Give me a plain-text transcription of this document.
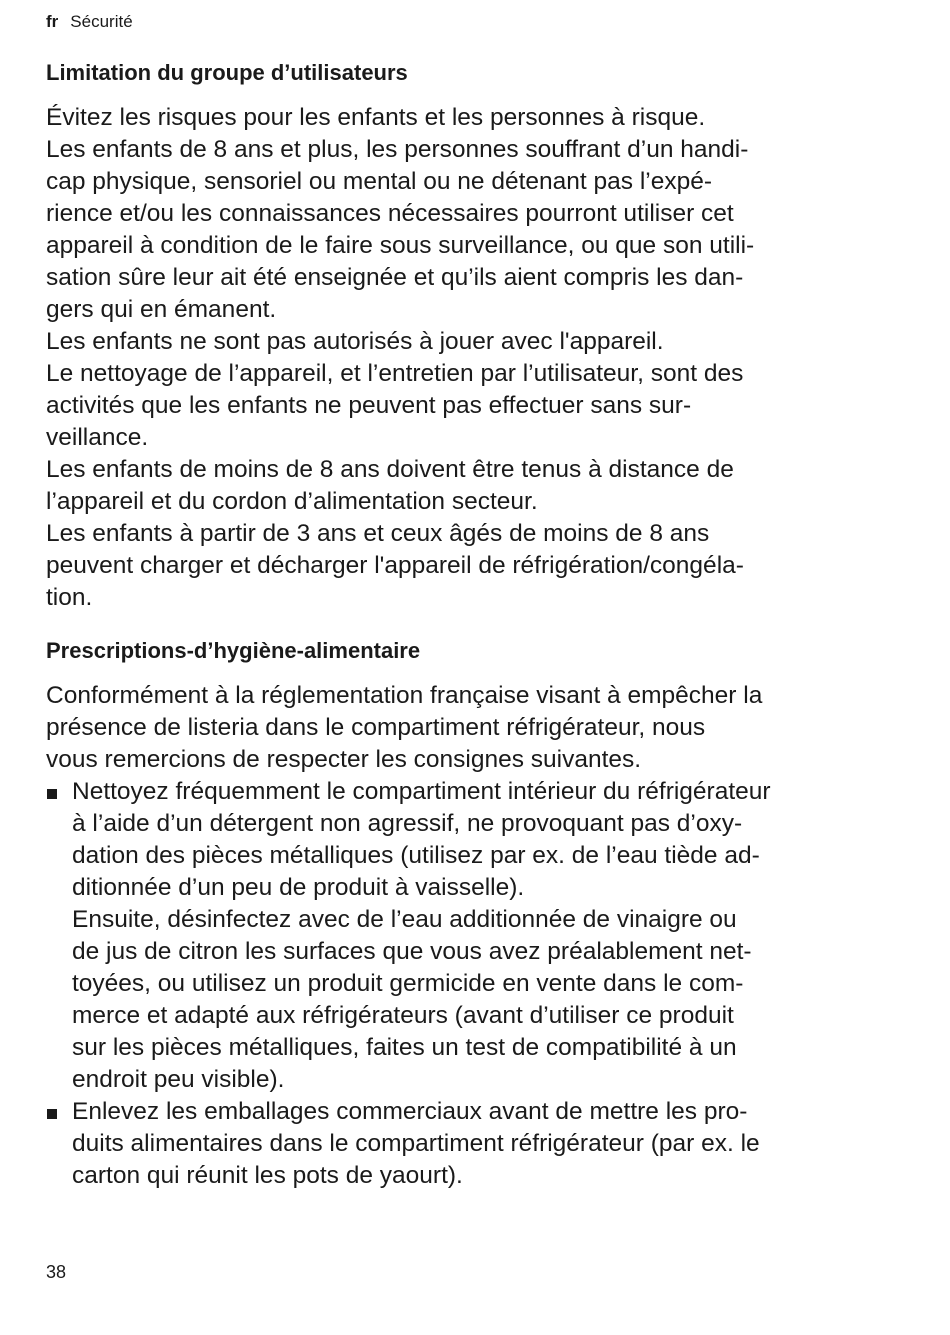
fr Sécurité
Limitation du groupe d’utilisateurs
Évitez les risques pour les enfants et les personnes à risque.
Les enfants de 8 ans et plus, les personnes souffrant d’un handi-
cap physique, sensoriel ou mental ou ne détenant pas l’expé-
rience et/ou les connaissances nécessaires pourront utiliser cet
appareil à condition de le faire sous surveillance, ou que son utili-
sation sûre leur ait été enseignée et qu’ils aient compris les dan-
gers qui en émanent.
Les enfants ne sont pas autorisés à jouer avec l'appareil.
Le nettoyage de l’appareil, et l’entretien par l’utilisateur, sont des
activités que les enfants ne peuvent pas effectuer sans sur-
veillance.
Les enfants de moins de 8 ans doivent être tenus à distance de
l’appareil et du cordon d’alimentation secteur.
Les enfants à partir de 3 ans et ceux âgés de moins de 8 ans
peuvent charger et décharger l'appareil de réfrigération/congéla-
tion.
Prescriptions-d’hygiène-alimentaire
Conformément à la réglementation française visant à empêcher la
présence de listeria dans le compartiment réfrigérateur, nous
vous remercions de respecter les consignes suivantes.
Nettoyez fréquemment le compartiment intérieur du réfrigérateur
à l’aide d’un détergent non agressif, ne provoquant pas d’oxy-
dation des pièces métalliques (utilisez par ex. de l’eau tiède ad-
ditionnée d’un peu de produit à vaisselle).
Ensuite, désinfectez avec de l’eau additionnée de vinaigre ou
de jus de citron les surfaces que vous avez préalablement net-
toyées, ou utilisez un produit germicide en vente dans le com-
merce et adapté aux réfrigérateurs (avant d’utiliser ce produit
sur les pièces métalliques, faites un test de compatibilité à un
endroit peu visible).
Enlevez les emballages commerciaux avant de mettre les pro-
duits alimentaires dans le compartiment réfrigérateur (par ex. le
carton qui réunit les pots de yaourt).
38
